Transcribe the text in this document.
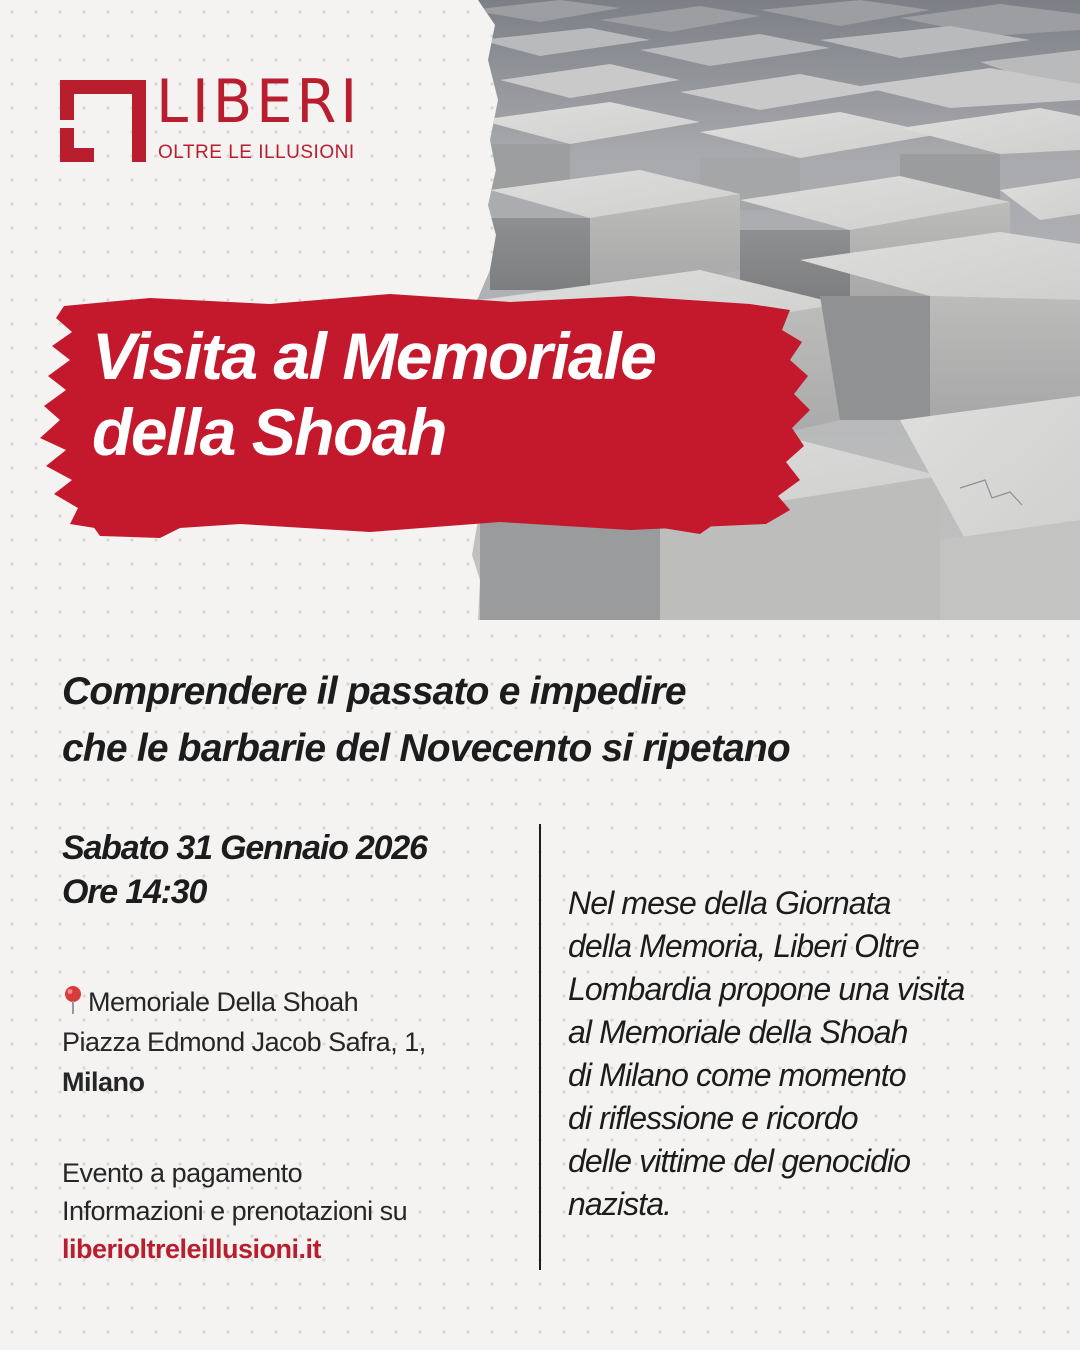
LIBERI
OLTRE LE ILLUSIONI
Visita al Memoriale
della Shoah
Comprendere il passato e impedire
che le barbarie del Novecento si ripetano
Sabato 31 Gennaio 2026
Ore 14:30
Memoriale Della Shoah
Piazza Edmond Jacob Safra, 1,
Milano
Evento a pagamento
Informazioni e prenotazioni su
liberioltreleillusioni.it
Nel mese della Giornata
della Memoria, Liberi Oltre
Lombardia propone una visita
al Memoriale della Shoah
di Milano come momento
di riflessione e ricordo
delle vittime del genocidio
nazista.
